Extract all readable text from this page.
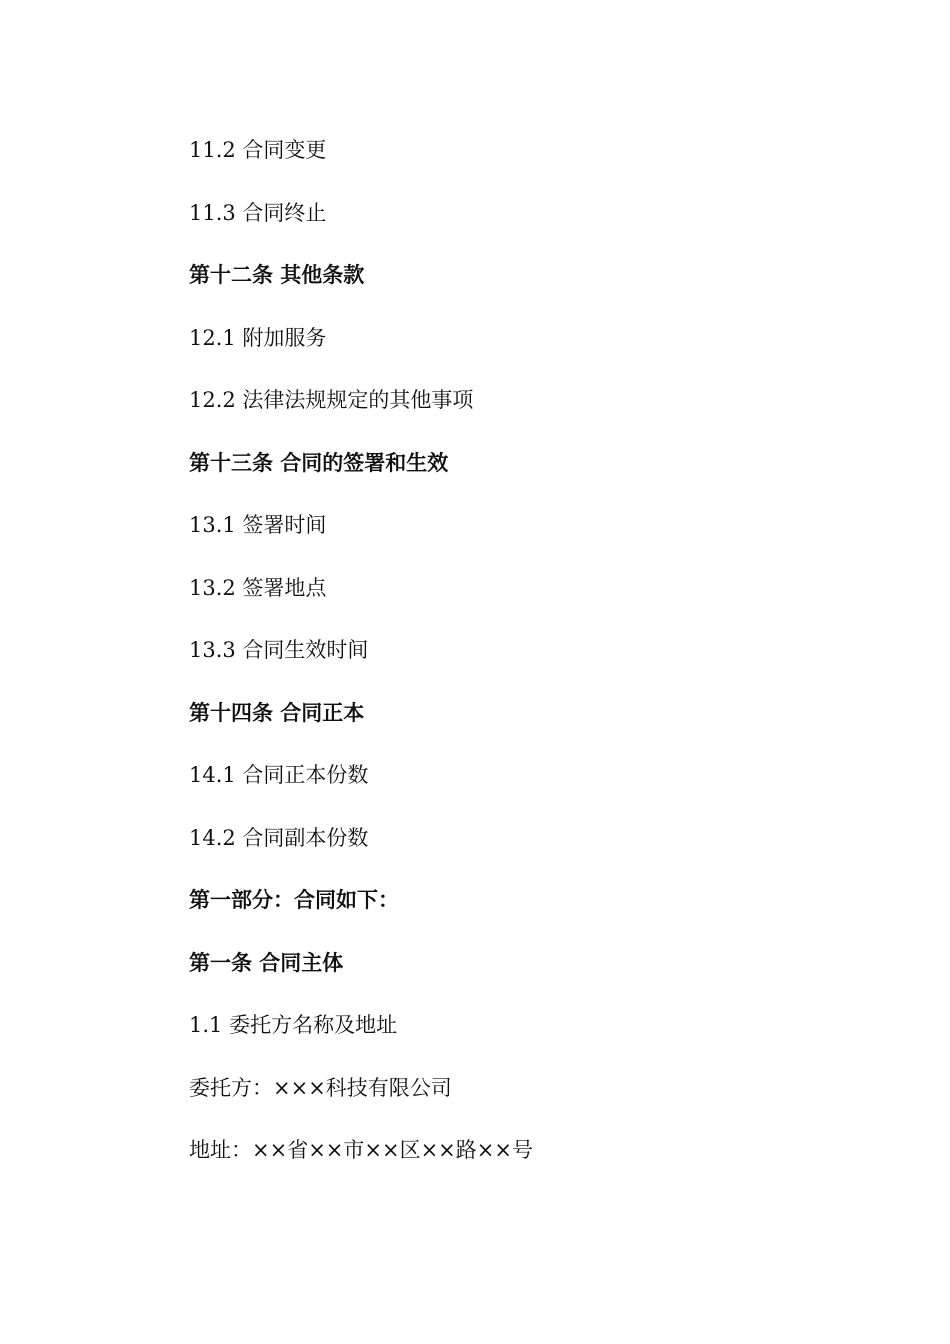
11.2 合同变更
11.3 合同终止
第十二条 其他条款
12.1 附加服务
12.2 法律法规规定的其他事项
第十三条 合同的签署和生效
13.1 签署时间
13.2 签署地点
13.3 合同生效时间
第十四条 合同正本
14.1 合同正本份数
14.2 合同副本份数
第一部分：合同如下：
第一条 合同主体
1.1 委托方名称及地址
委托方：×××科技有限公司
地址：××省××市××区××路××号
